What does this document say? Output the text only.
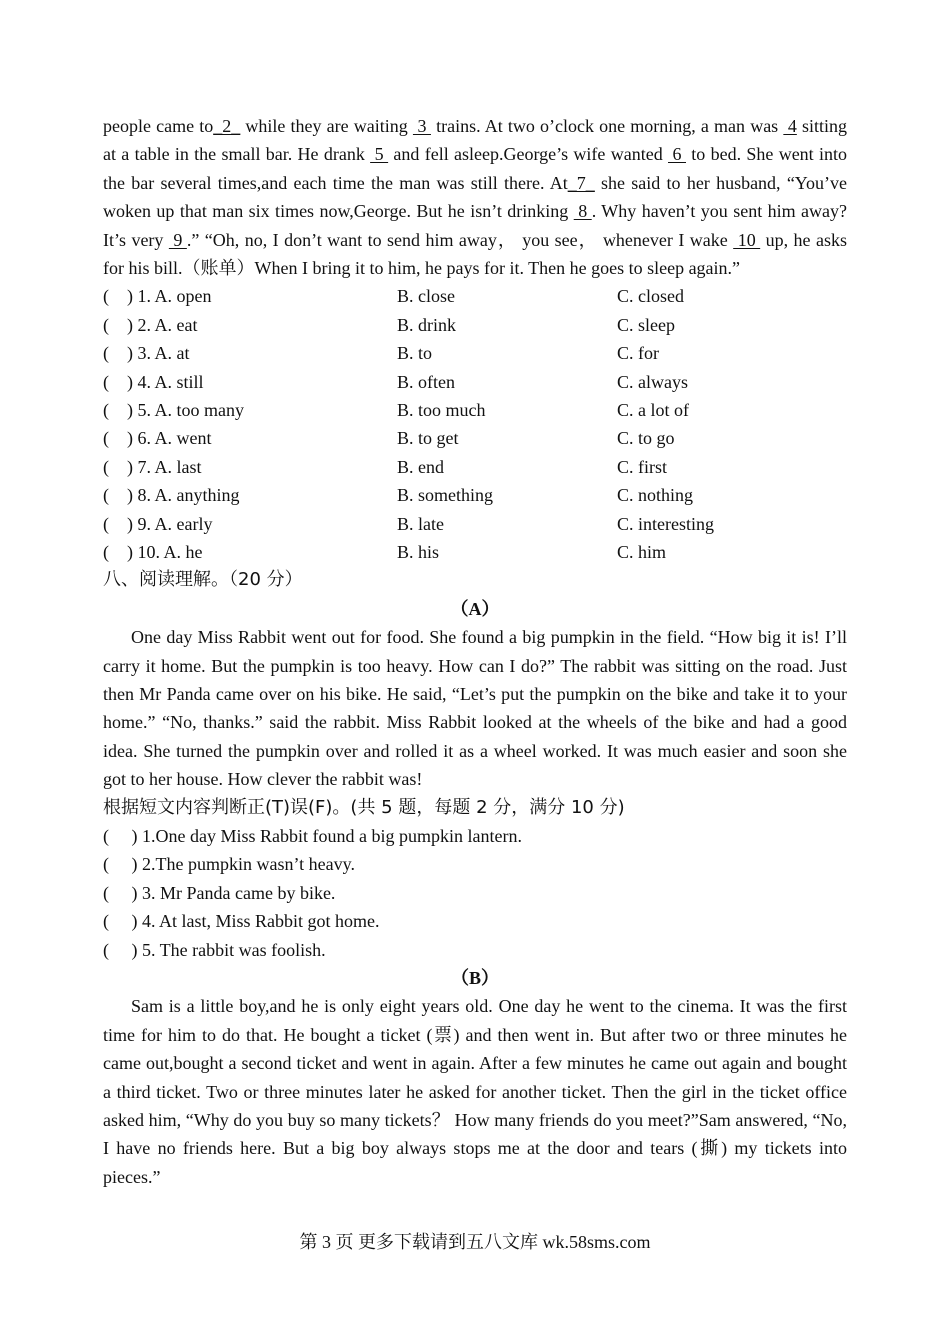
people came to_2_ while they are waiting  3  trains. At two o’clock one morning, a man was  4 sitting at a table in the small bar. He drank  5  and fell asleep.George’s wife wanted  6  to bed. She went into the bar several times,and each time the man was still there. At_7_ she said to her husband, “You’ve woken up that man six times now,George. But he isn’t drinking  8 . Why haven’t you sent him away?It’s very  9 .” “Oh, no, I don’t want to send him away， you see， whenever I wake  10  up, he asks for his bill.（账单）When I bring it to him, he pays for it. Then he goes to sleep again.”

(    ) 1. A. open	B. close	C. closed
(    ) 2. A. eat	B. drink	C. sleep
(    ) 3. A. at	B. to	C. for
(    ) 4. A. still	B. often	C. always
(    ) 5. A. too many	B. too much	C. a lot of
(    ) 6. A. went	B. to get	C. to go
(    ) 7. A. last	B. end	C. first
(    ) 8. A. anything	B. something	C. nothing
(    ) 9. A. early	B. late	C. interesting
(    ) 10. A. he	B. his	C. him
八、阅读理解。（20 分）
（A）

One day Miss Rabbit went out for food. She found a big pumpkin in the field. “How big it is! I’ll carry it home. But the pumpkin is too heavy. How can I do?” The rabbit was sitting on the road. Just then Mr Panda came over on his bike. He said, “Let’s put the pumpkin on the bike and take it to your home.” “No, thanks.” said the rabbit. Miss Rabbit looked at the wheels of the bike and had a good idea. She turned the pumpkin over and rolled it as a wheel worked. It was much easier and soon she got to her house. How clever the rabbit was!

根据短文内容判断正(T)误(F)。(共 5 题，每题 2 分，满分 10 分)
(     ) 1.One day Miss Rabbit found a big pumpkin lantern.
(     ) 2.The pumpkin wasn’t heavy.
(     ) 3. Mr Panda came by bike.
(     ) 4. At last, Miss Rabbit got home.
(     ) 5. The rabbit was foolish.
（B）

Sam is a little boy,and he is only eight years old. One day he went to the cinema. It was the first time for him to do that. He bought a ticket (票) and then went in. But after two or three minutes he came out,bought a second ticket and went in again. After a few minutes he came out again and bought a third ticket. Two or three minutes later he asked for another ticket. Then the girl in the ticket office asked him, “Why do you buy so many tickets？ How many friends do you meet?”Sam answered, “No, I have no friends here. But a big boy always stops me at the door and tears (撕) my tickets into pieces.”

第 3 页 更多下载请到五八文库 wk.58sms.com
